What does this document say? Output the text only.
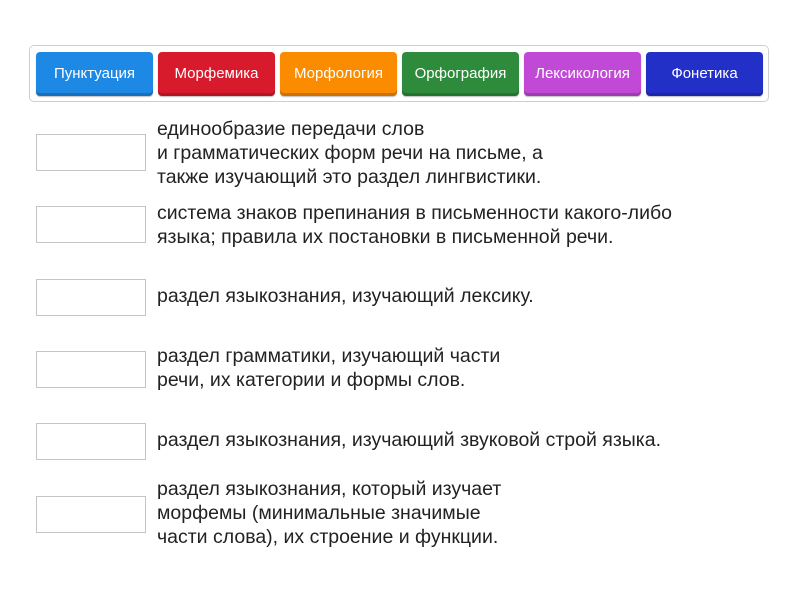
Пунктуация	Морфемика	Морфология	Орфография	Лексикология	Фонетика
единообразие передачи слов
и грамматических форм речи на письме, а
также изучающий это раздел лингвистики.
система знаков препинания в письменности какого-либо
языка; правила их постановки в письменной речи.
раздел языкознания, изучающий лексику.
раздел грамматики, изучающий части
речи, их категории и формы слов.
раздел языкознания, изучающий звуковой строй языка.
раздел языкознания, который изучает
морфемы (минимальные значимые
части слова), их строение и функции.
